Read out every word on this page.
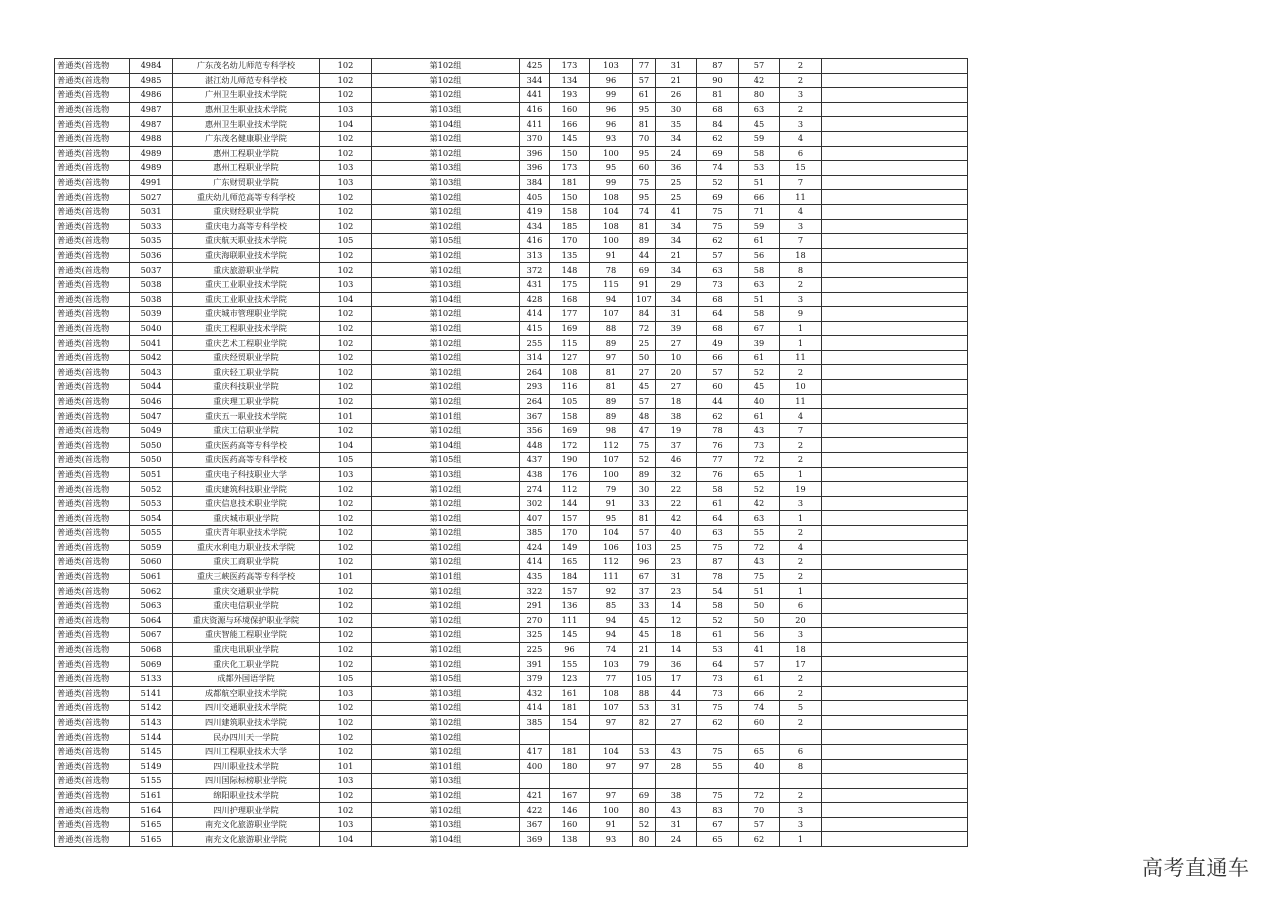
普通类(首选物	4984	广东茂名幼儿师范专科学校	102	第102组	425	173	103	77	31	87	57	2	
普通类(首选物	4985	湛江幼儿师范专科学校	102	第102组	344	134	96	57	21	90	42	2	
普通类(首选物	4986	广州卫生职业技术学院	102	第102组	441	193	99	61	26	81	80	3	
普通类(首选物	4987	惠州卫生职业技术学院	103	第103组	416	160	96	95	30	68	63	2	
普通类(首选物	4987	惠州卫生职业技术学院	104	第104组	411	166	96	81	35	84	45	3	
普通类(首选物	4988	广东茂名健康职业学院	102	第102组	370	145	93	70	34	62	59	4	
普通类(首选物	4989	惠州工程职业学院	102	第102组	396	150	100	95	24	69	58	6	
普通类(首选物	4989	惠州工程职业学院	103	第103组	396	173	95	60	36	74	53	15	
普通类(首选物	4991	广东财贸职业学院	103	第103组	384	181	99	75	25	52	51	7	
普通类(首选物	5027	重庆幼儿师范高等专科学校	102	第102组	405	150	108	95	25	69	66	11	
普通类(首选物	5031	重庆财经职业学院	102	第102组	419	158	104	74	41	75	71	4	
普通类(首选物	5033	重庆电力高等专科学校	102	第102组	434	185	108	81	34	75	59	3	
普通类(首选物	5035	重庆航天职业技术学院	105	第105组	416	170	100	89	34	62	61	7	
普通类(首选物	5036	重庆海联职业技术学院	102	第102组	313	135	91	44	21	57	56	18	
普通类(首选物	5037	重庆旅游职业学院	102	第102组	372	148	78	69	34	63	58	8	
普通类(首选物	5038	重庆工业职业技术学院	103	第103组	431	175	115	91	29	73	63	2	
普通类(首选物	5038	重庆工业职业技术学院	104	第104组	428	168	94	107	34	68	51	3	
普通类(首选物	5039	重庆城市管理职业学院	102	第102组	414	177	107	84	31	64	58	9	
普通类(首选物	5040	重庆工程职业技术学院	102	第102组	415	169	88	72	39	68	67	1	
普通类(首选物	5041	重庆艺术工程职业学院	102	第102组	255	115	89	25	27	49	39	1	
普通类(首选物	5042	重庆经贸职业学院	102	第102组	314	127	97	50	10	66	61	11	
普通类(首选物	5043	重庆轻工职业学院	102	第102组	264	108	81	27	20	57	52	2	
普通类(首选物	5044	重庆科技职业学院	102	第102组	293	116	81	45	27	60	45	10	
普通类(首选物	5046	重庆理工职业学院	102	第102组	264	105	89	57	18	44	40	11	
普通类(首选物	5047	重庆五一职业技术学院	101	第101组	367	158	89	48	38	62	61	4	
普通类(首选物	5049	重庆工信职业学院	102	第102组	356	169	98	47	19	78	43	7	
普通类(首选物	5050	重庆医药高等专科学校	104	第104组	448	172	112	75	37	76	73	2	
普通类(首选物	5050	重庆医药高等专科学校	105	第105组	437	190	107	52	46	77	72	2	
普通类(首选物	5051	重庆电子科技职业大学	103	第103组	438	176	100	89	32	76	65	1	
普通类(首选物	5052	重庆建筑科技职业学院	102	第102组	274	112	79	30	22	58	52	19	
普通类(首选物	5053	重庆信息技术职业学院	102	第102组	302	144	91	33	22	61	42	3	
普通类(首选物	5054	重庆城市职业学院	102	第102组	407	157	95	81	42	64	63	1	
普通类(首选物	5055	重庆青年职业技术学院	102	第102组	385	170	104	57	40	63	55	2	
普通类(首选物	5059	重庆水利电力职业技术学院	102	第102组	424	149	106	103	25	75	72	4	
普通类(首选物	5060	重庆工商职业学院	102	第102组	414	165	112	96	23	87	43	2	
普通类(首选物	5061	重庆三峡医药高等专科学校	101	第101组	435	184	111	67	31	78	75	2	
普通类(首选物	5062	重庆交通职业学院	102	第102组	322	157	92	37	23	54	51	1	
普通类(首选物	5063	重庆电信职业学院	102	第102组	291	136	85	33	14	58	50	6	
普通类(首选物	5064	重庆资源与环境保护职业学院	102	第102组	270	111	94	45	12	52	50	20	
普通类(首选物	5067	重庆智能工程职业学院	102	第102组	325	145	94	45	18	61	56	3	
普通类(首选物	5068	重庆电讯职业学院	102	第102组	225	96	74	21	14	53	41	18	
普通类(首选物	5069	重庆化工职业学院	102	第102组	391	155	103	79	36	64	57	17	
普通类(首选物	5133	成都外国语学院	105	第105组	379	123	77	105	17	73	61	2	
普通类(首选物	5141	成都航空职业技术学院	103	第103组	432	161	108	88	44	73	66	2	
普通类(首选物	5142	四川交通职业技术学院	102	第102组	414	181	107	53	31	75	74	5	
普通类(首选物	5143	四川建筑职业技术学院	102	第102组	385	154	97	82	27	62	60	2	
普通类(首选物	5144	民办四川天一学院	102	第102组									
普通类(首选物	5145	四川工程职业技术大学	102	第102组	417	181	104	53	43	75	65	6	
普通类(首选物	5149	四川职业技术学院	101	第101组	400	180	97	97	28	55	40	8	
普通类(首选物	5155	四川国际标榜职业学院	103	第103组									
普通类(首选物	5161	绵阳职业技术学院	102	第102组	421	167	97	69	38	75	72	2	
普通类(首选物	5164	四川护理职业学院	102	第102组	422	146	100	80	43	83	70	3	
普通类(首选物	5165	南充文化旅游职业学院	103	第103组	367	160	91	52	31	67	57	3	
普通类(首选物	5165	南充文化旅游职业学院	104	第104组	369	138	93	80	24	65	62	1	
高考直通车
